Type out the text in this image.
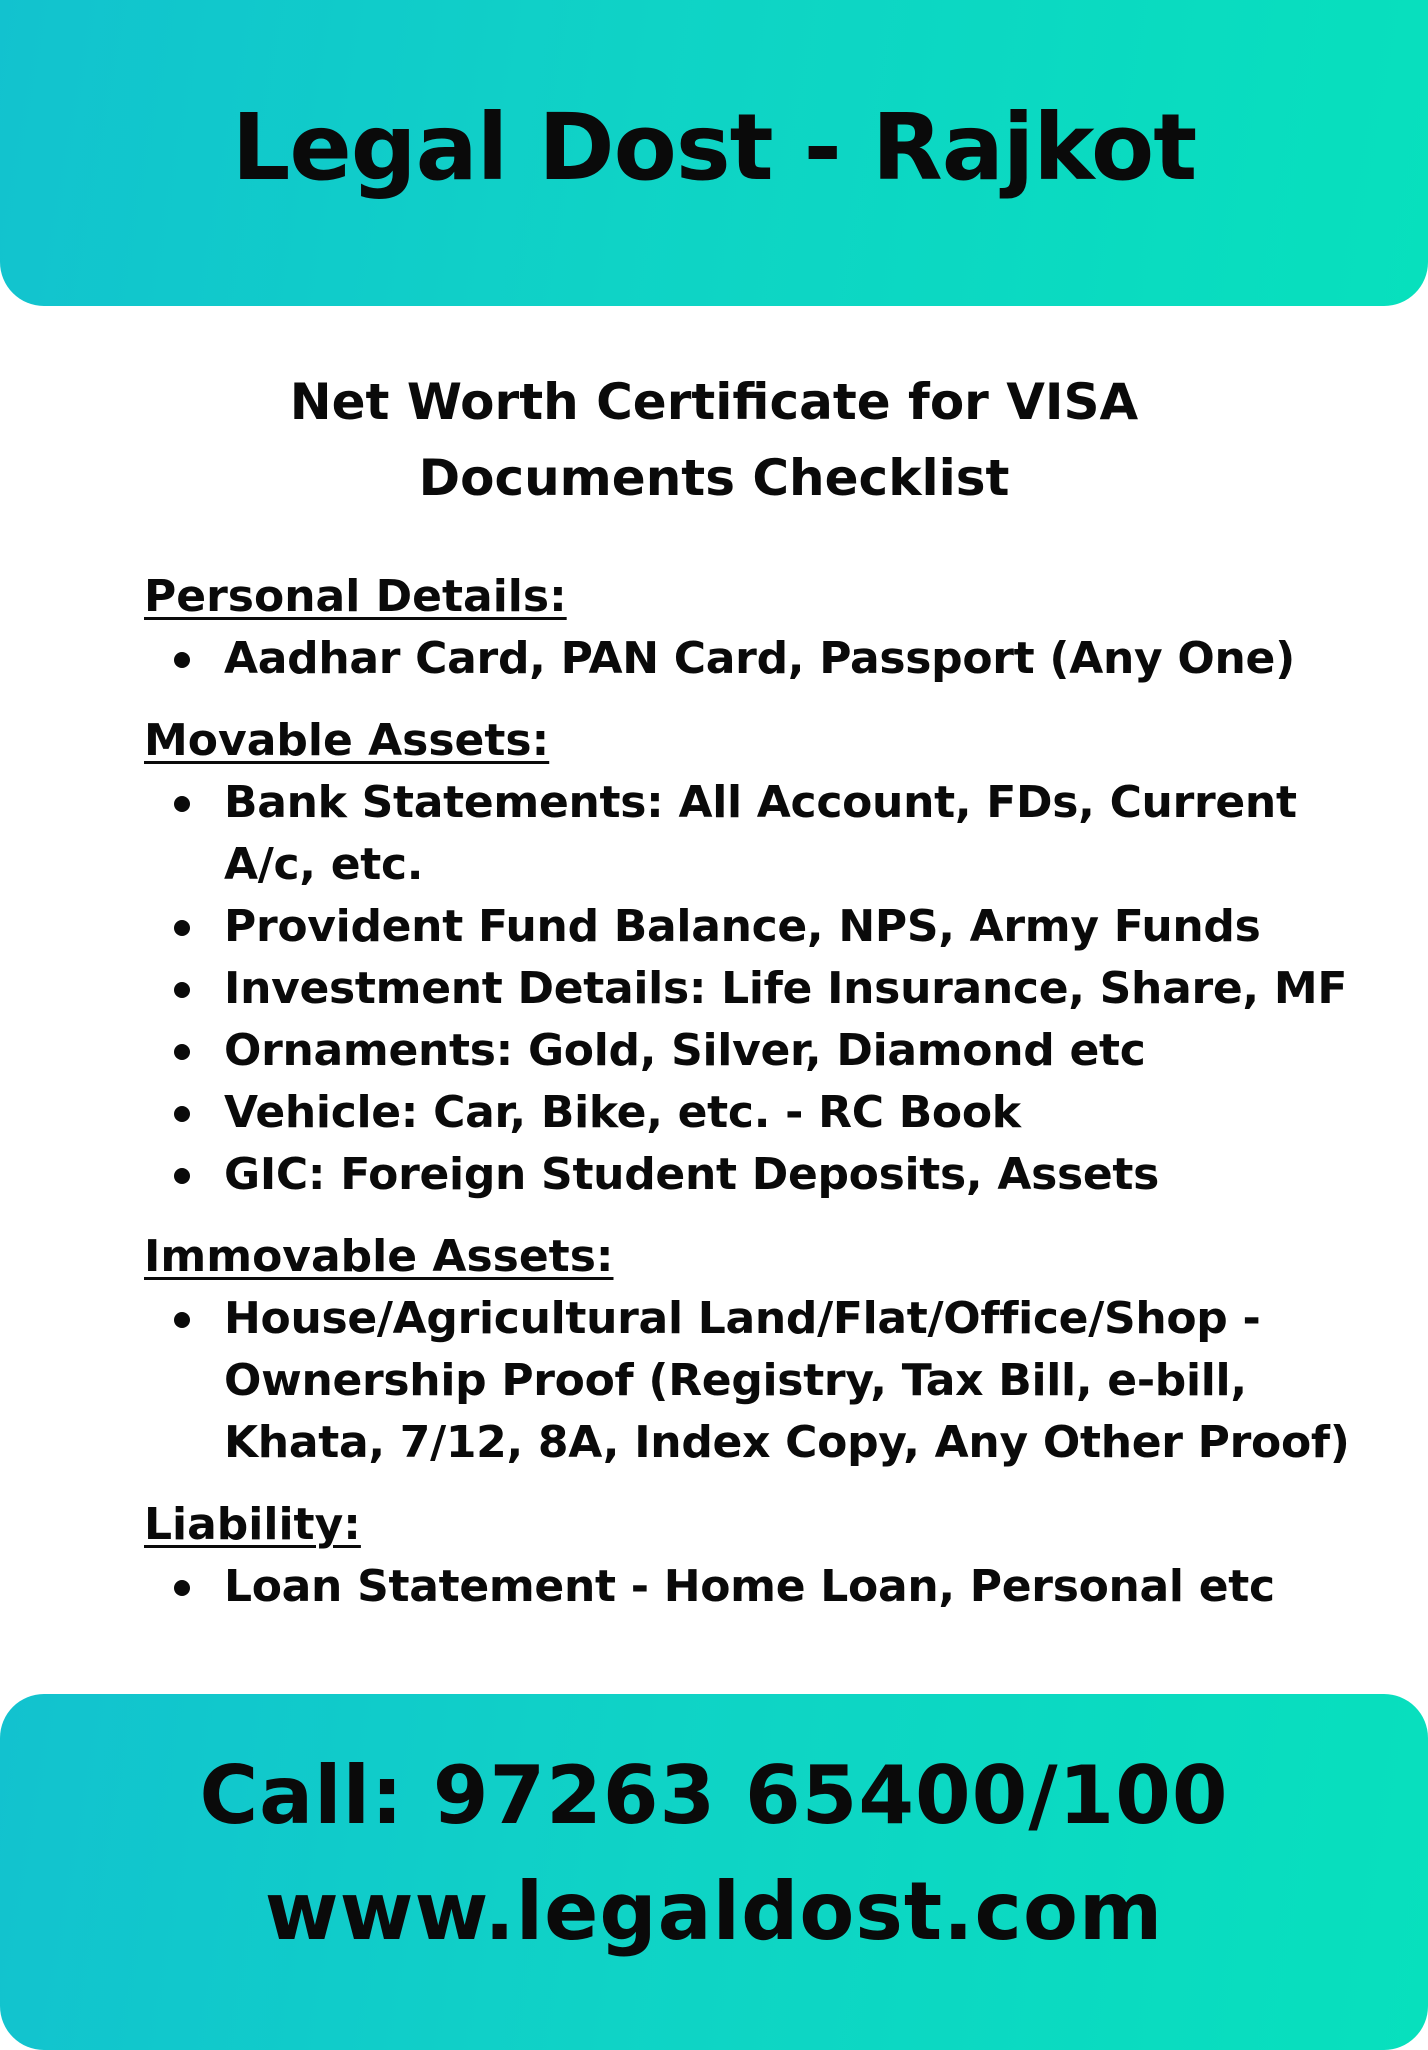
Legal Dost - Rajkot
Net Worth Certificate for VISA
Documents Checklist
Personal Details:
Aadhar Card, PAN Card, Passport (Any One)
Movable Assets:
Bank Statements: All Account, FDs, Current A/c, etc.
Provident Fund Balance, NPS, Army Funds
Investment Details: Life Insurance, Share, MF
Ornaments: Gold, Silver, Diamond etc
Vehicle: Car, Bike, etc. - RC Book
GIC: Foreign Student Deposits, Assets
Immovable Assets:
House/Agricultural Land/Flat/Office/Shop - Ownership Proof (Registry, Tax Bill, e-bill, Khata, 7/12, 8A, Index Copy, Any Other Proof)
Liability:
Loan Statement - Home Loan, Personal etc
Call: 97263 65400/100
www.legaldost.com
